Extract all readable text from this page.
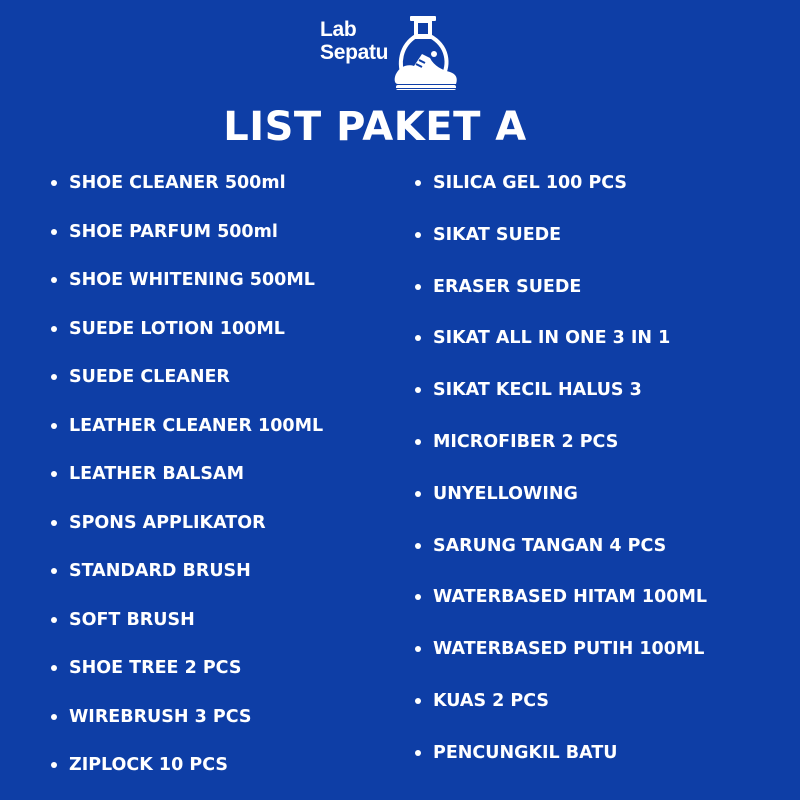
Lab
Sepatu
LIST PAKET A
SHOE CLEANER 500ml
SHOE PARFUM 500ml
SHOE WHITENING 500ML
SUEDE LOTION 100ML
SUEDE CLEANER
LEATHER CLEANER 100ML
LEATHER BALSAM
SPONS APPLIKATOR
STANDARD BRUSH
SOFT BRUSH
SHOE TREE 2 PCS
WIREBRUSH 3 PCS
ZIPLOCK 10 PCS
SILICA GEL 100 PCS
SIKAT SUEDE
ERASER SUEDE
SIKAT ALL IN ONE 3 IN 1
SIKAT KECIL HALUS 3
MICROFIBER 2 PCS
UNYELLOWING
SARUNG TANGAN 4 PCS
WATERBASED HITAM 100ML
WATERBASED PUTIH 100ML
KUAS 2 PCS
PENCUNGKIL BATU
